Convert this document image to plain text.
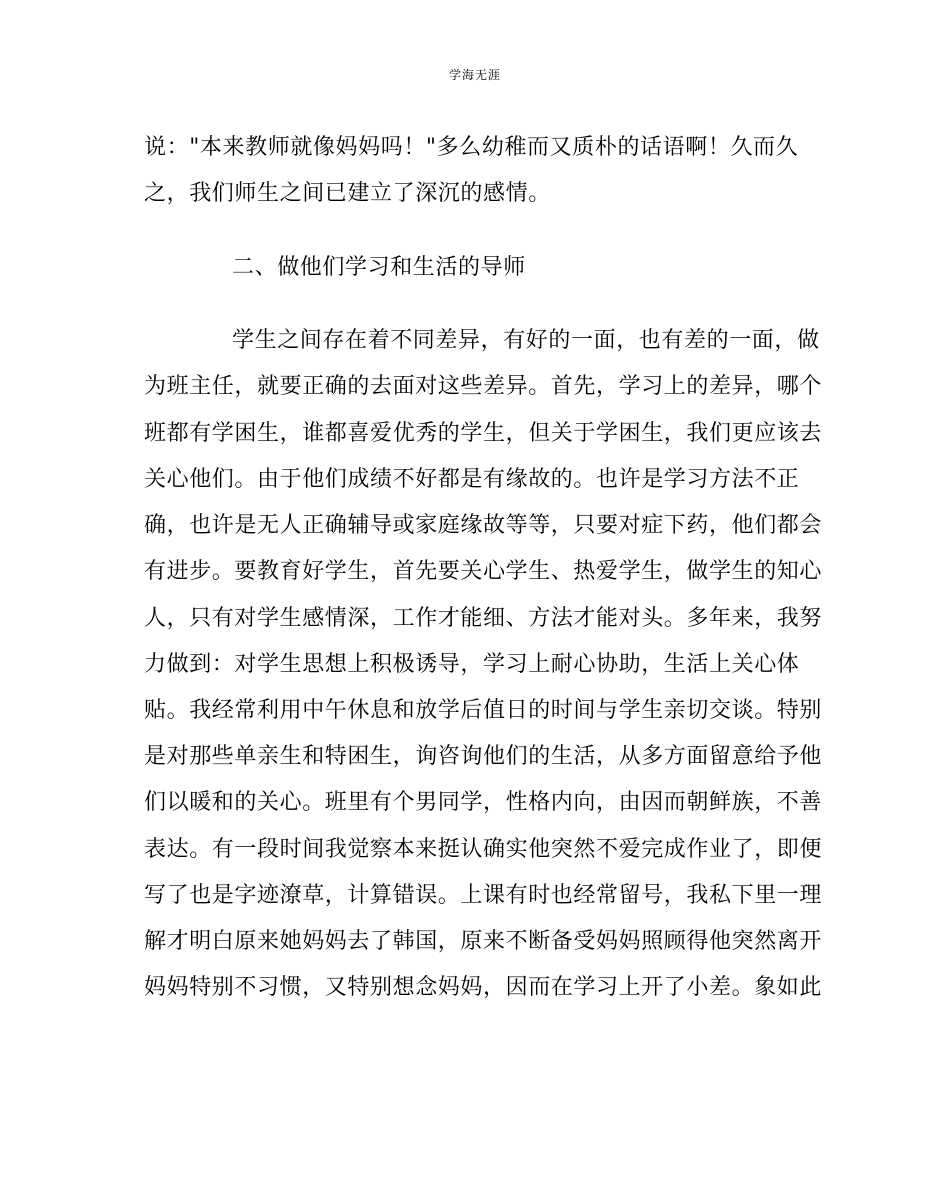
学海无涯
说："本来教师就像妈妈吗！"多么幼稚而又质朴的话语啊！久而久
之，我们师生之间已建立了深沉的感情。
二、做他们学习和生活的导师
学生之间存在着不同差异，有好的一面，也有差的一面，做
为班主任，就要正确的去面对这些差异。首先，学习上的差异，哪个
班都有学困生，谁都喜爱优秀的学生，但关于学困生，我们更应该去
关心他们。由于他们成绩不好都是有缘故的。也许是学习方法不正
确，也许是无人正确辅导或家庭缘故等等，只要对症下药，他们都会
有进步。要教育好学生，首先要关心学生、热爱学生，做学生的知心
人，只有对学生感情深，工作才能细、方法才能对头。多年来，我努
力做到：对学生思想上积极诱导，学习上耐心协助，生活上关心体
贴。我经常利用中午休息和放学后值日的时间与学生亲切交谈。特别
是对那些单亲生和特困生，询咨询他们的生活，从多方面留意给予他
们以暖和的关心。班里有个男同学，性格内向，由因而朝鲜族，不善
表达。有一段时间我觉察本来挺认确实他突然不爱完成作业了，即便
写了也是字迹潦草，计算错误。上课有时也经常留号，我私下里一理
解才明白原来她妈妈去了韩国，原来不断备受妈妈照顾得他突然离开
妈妈特别不习惯，又特别想念妈妈，因而在学习上开了小差。象如此
